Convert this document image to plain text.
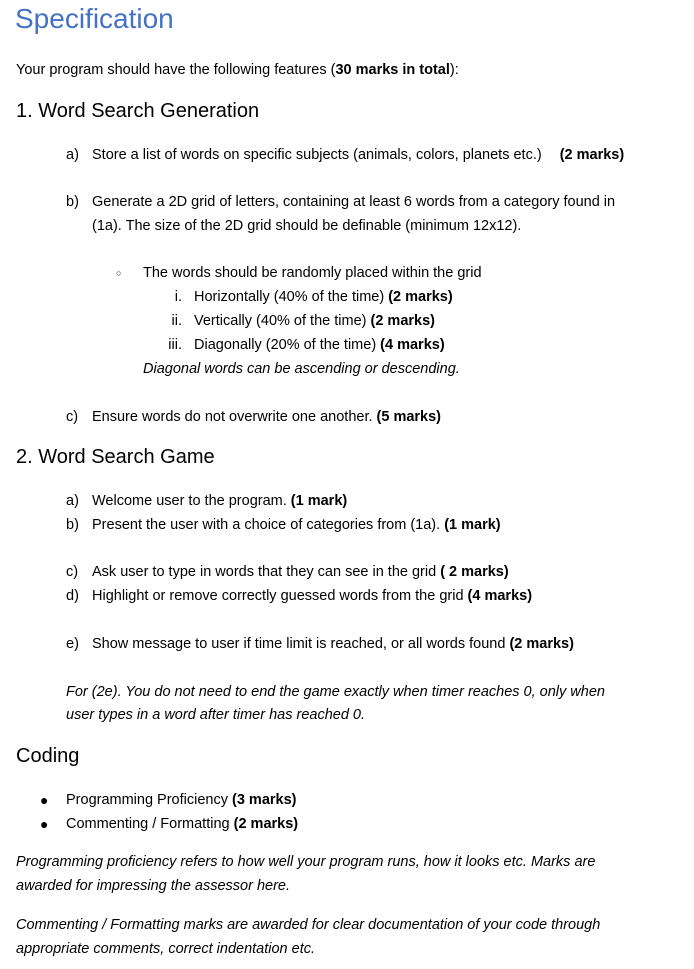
Specification
Your program should have the following features (30 marks in total):
1. Word Search Generation
a) Store a list of words on specific subjects (animals, colors, planets etc.) (2 marks)
b) Generate a 2D grid of letters, containing at least 6 words from a category found in
(1a). The size of the 2D grid should be definable (minimum 12x12).
○ The words should be randomly placed within the grid
i. Horizontally (40% of the time) (2 marks)
ii. Vertically (40% of the time) (2 marks)
iii. Diagonally (20% of the time) (4 marks)
Diagonal words can be ascending or descending.
c) Ensure words do not overwrite one another. (5 marks)
2. Word Search Game
a) Welcome user to the program. (1 mark)
b) Present the user with a choice of categories from (1a). (1 mark)
c) Ask user to type in words that they can see in the grid ( 2 marks)
d) Highlight or remove correctly guessed words from the grid (4 marks)
e) Show message to user if time limit is reached, or all words found (2 marks)
For (2e). You do not need to end the game exactly when timer reaches 0, only when
user types in a word after timer has reached 0.
Coding
● Programming Proficiency (3 marks)
● Commenting / Formatting (2 marks)
Programming proficiency refers to how well your program runs, how it looks etc. Marks are
awarded for impressing the assessor here.
Commenting / Formatting marks are awarded for clear documentation of your code through
appropriate comments, correct indentation etc.
